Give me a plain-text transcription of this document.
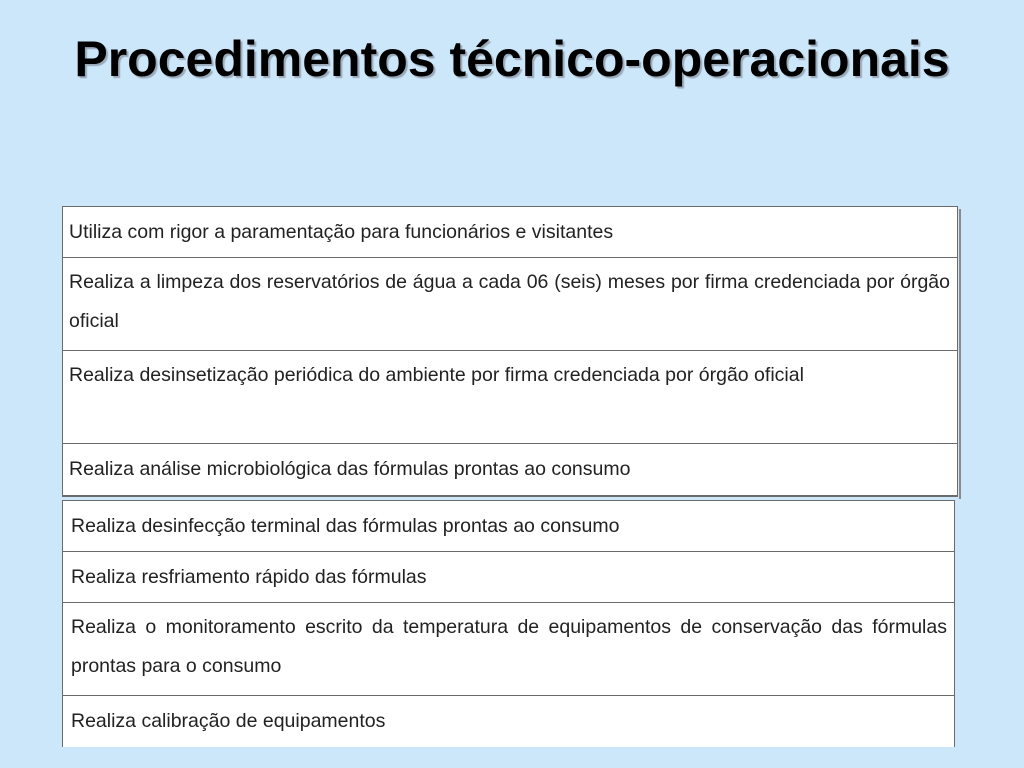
Procedimentos técnico-operacionais
Utiliza com rigor a paramentação para funcionários e visitantes
Realiza a limpeza dos reservatórios de água a cada 06 (seis) meses por firma credenciada por órgão oficial
Realiza desinsetização periódica do ambiente por firma credenciada por órgão oficial
Realiza análise microbiológica das fórmulas prontas ao consumo
Realiza desinfecção terminal das fórmulas prontas ao consumo
Realiza resfriamento rápido das fórmulas
Realiza o monitoramento escrito da temperatura de equipamentos de conservação das fórmulas prontas para o consumo
Realiza calibração de equipamentos
